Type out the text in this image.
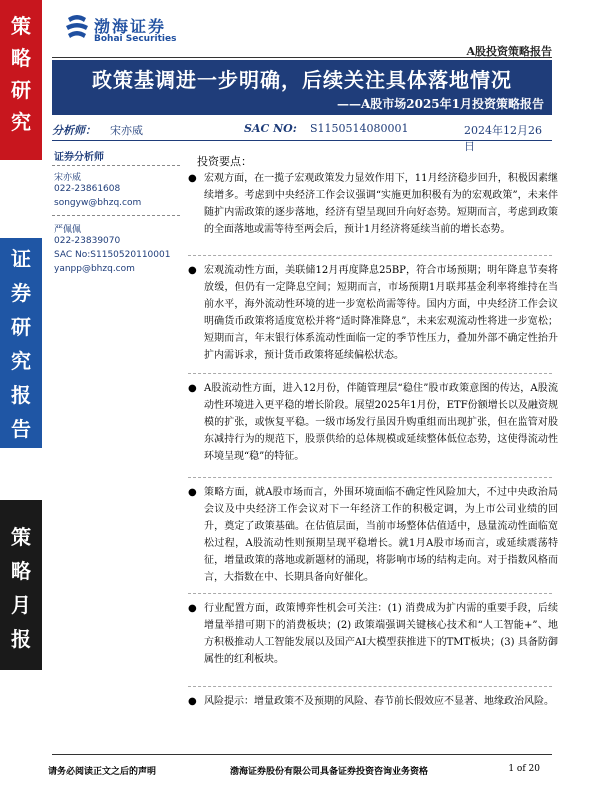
策
略
研
究
证
券
研
究
报
告
策
略
月
报
渤海证券
Bohai Securities
A股投资策略报告
政策基调进一步明确，后续关注具体落地情况
——A股市场2025年1月投资策略报告
分析师： 宋亦威	SAC NO: S1150514080001	2024年12月26日
证券分析师
宋亦威
022-23861608
songyw@bhzq.com
严佩佩
022-23839070
SAC No:S1150520110001
yanpp@bhzq.com
投资要点：
● 宏观方面，在一揽子宏观政策发力显效作用下，11月经济稳步回升，积极因素继续增多。考虑到中央经济工作会议强调“实施更加积极有为的宏观政策”，未来伴随扩内需政策的逐步落地，经济有望呈现回升向好态势。短期而言，考虑到政策的全面落地或需等待至两会后，预计1月经济将延续当前的增长态势。
● 宏观流动性方面，美联储12月再度降息25BP，符合市场预期；明年降息节奏将放缓，但仍有一定降息空间；短期而言，市场预期1月联邦基金利率将维持在当前水平，海外流动性环境的进一步宽松尚需等待。国内方面，中央经济工作会议明确货币政策将适度宽松并将“适时降准降息”，未来宏观流动性将进一步宽松；短期而言，年末银行体系流动性面临一定的季节性压力，叠加外部不确定性抬升扩内需诉求，预计货币政策将延续偏松状态。
● A股流动性方面，进入12月份，伴随管理层“稳住”股市政策意图的传达，A股流动性环境进入更平稳的增长阶段。展望2025年1月份，ETF份额增长以及融资规模的扩张，或恢复平稳。一级市场发行虽因升购重组而出现扩张，但在监管对股东减持行为的规范下，股票供给的总体规模或延续整体低位态势，这使得流动性环境呈现“稳”的特征。
● 策略方面，就A股市场而言，外围环境面临不确定性风险加大，不过中央政治局会议及中央经济工作会议对下一年经济工作的积极定调，为上市公司业绩的回升，奠定了政策基础。在估值层面，当前市场整体估值适中，恳量流动性面临宽松过程，A股流动性则预期呈现平稳增长。就1月A股市场而言，或延续震荡特征，增量政策的落地或新题材的涌现，将影响市场的结构走向。对于指数风格而言，大指数在中、长期具备向好催化。
● 行业配置方面，政策博弈性机会可关注：(1) 消费成为扩内需的重要手段，后续增量举措可期下的消费板块；(2) 政策端强调关键核心技术和“人工智能+”、地方积极推动人工智能发展以及国产AI大模型获推进下的TMT板块；(3) 具备防御属性的红利板块。
● 风险提示：增量政策不及预期的风险、春节前长假效应不显著、地缘政治风险。
请务必阅读正文之后的声明	渤海证券股份有限公司具备证券投资咨询业务资格	1 of 20
